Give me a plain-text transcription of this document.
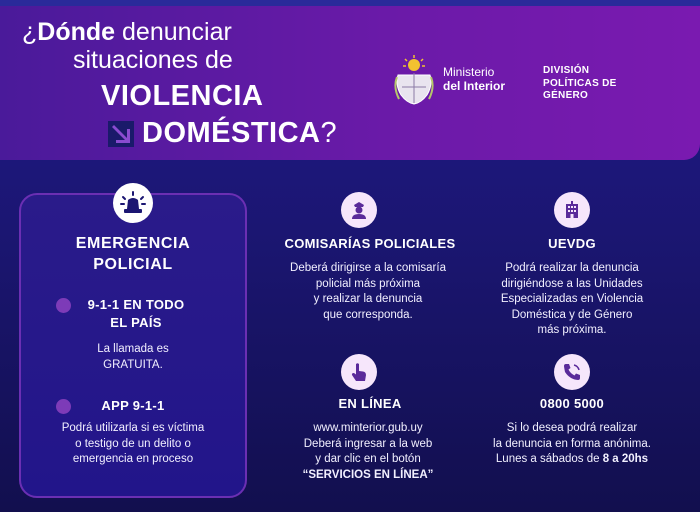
¿Dónde denunciar
situaciones de
VIOLENCIA
DOMÉSTICA ?
Ministerio
del Interior
DIVISIÓN
POLÍTICAS DE
GÉNERO
EMERGENCIA
POLICIAL
9-1-1 EN TODO
EL PAÍS
La llamada es
GRATUITA.
APP 9-1-1
Podrá utilizarla si es víctima
o testigo de un delito o
emergencia en proceso
COMISARÍAS POLICIALES
Deberá dirigirse a la comisaría
policial más próxima
y realizar la denuncia
que corresponda.
UEVDG
Podrá realizar la denuncia
dirigiéndose a las Unidades
Especializadas en Violencia
Doméstica y de Género
más próxima.
EN LÍNEA
www.minterior.gub.uy
Deberá ingresar a la web
y dar clic en el botón
“SERVICIOS EN LÍNEA”
0800 5000
Si lo desea podrá realizar
la denuncia en forma anónima.
Lunes a sábados de 8 a 20hs
